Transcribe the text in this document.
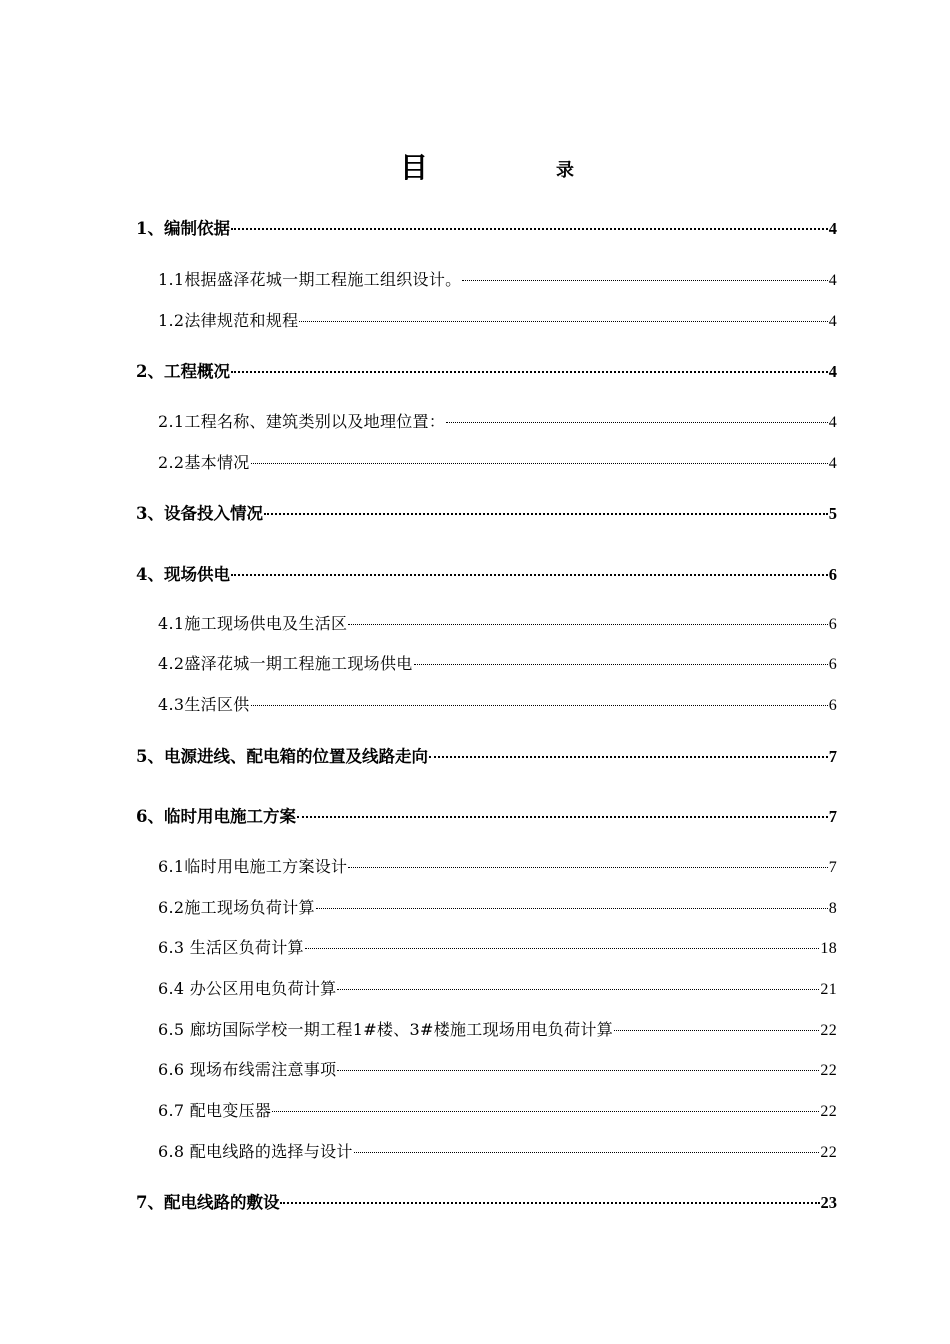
目	录
1、编制依据	4
1.1根据盛泽花城一期工程施工组织设计。	4
1.2法律规范和规程	4
2、工程概况	4
2.1工程名称、建筑类别以及地理位置：	4
2.2基本情况	4
3、设备投入情况	5
4、现场供电	6
4.1施工现场供电及生活区	6
4.2盛泽花城一期工程施工现场供电	6
4.3生活区供	6
5、电源进线、配电箱的位置及线路走向	7
6、临时用电施工方案	7
6.1临时用电施工方案设计	7
6.2施工现场负荷计算	8
6.3 生活区负荷计算	18
6.4 办公区用电负荷计算	21
6.5 廊坊国际学校一期工程1#楼、3#楼施工现场用电负荷计算	22
6.6 现场布线需注意事项	22
6.7 配电变压器	22
6.8 配电线路的选择与设计	22
7、配电线路的敷设	23
